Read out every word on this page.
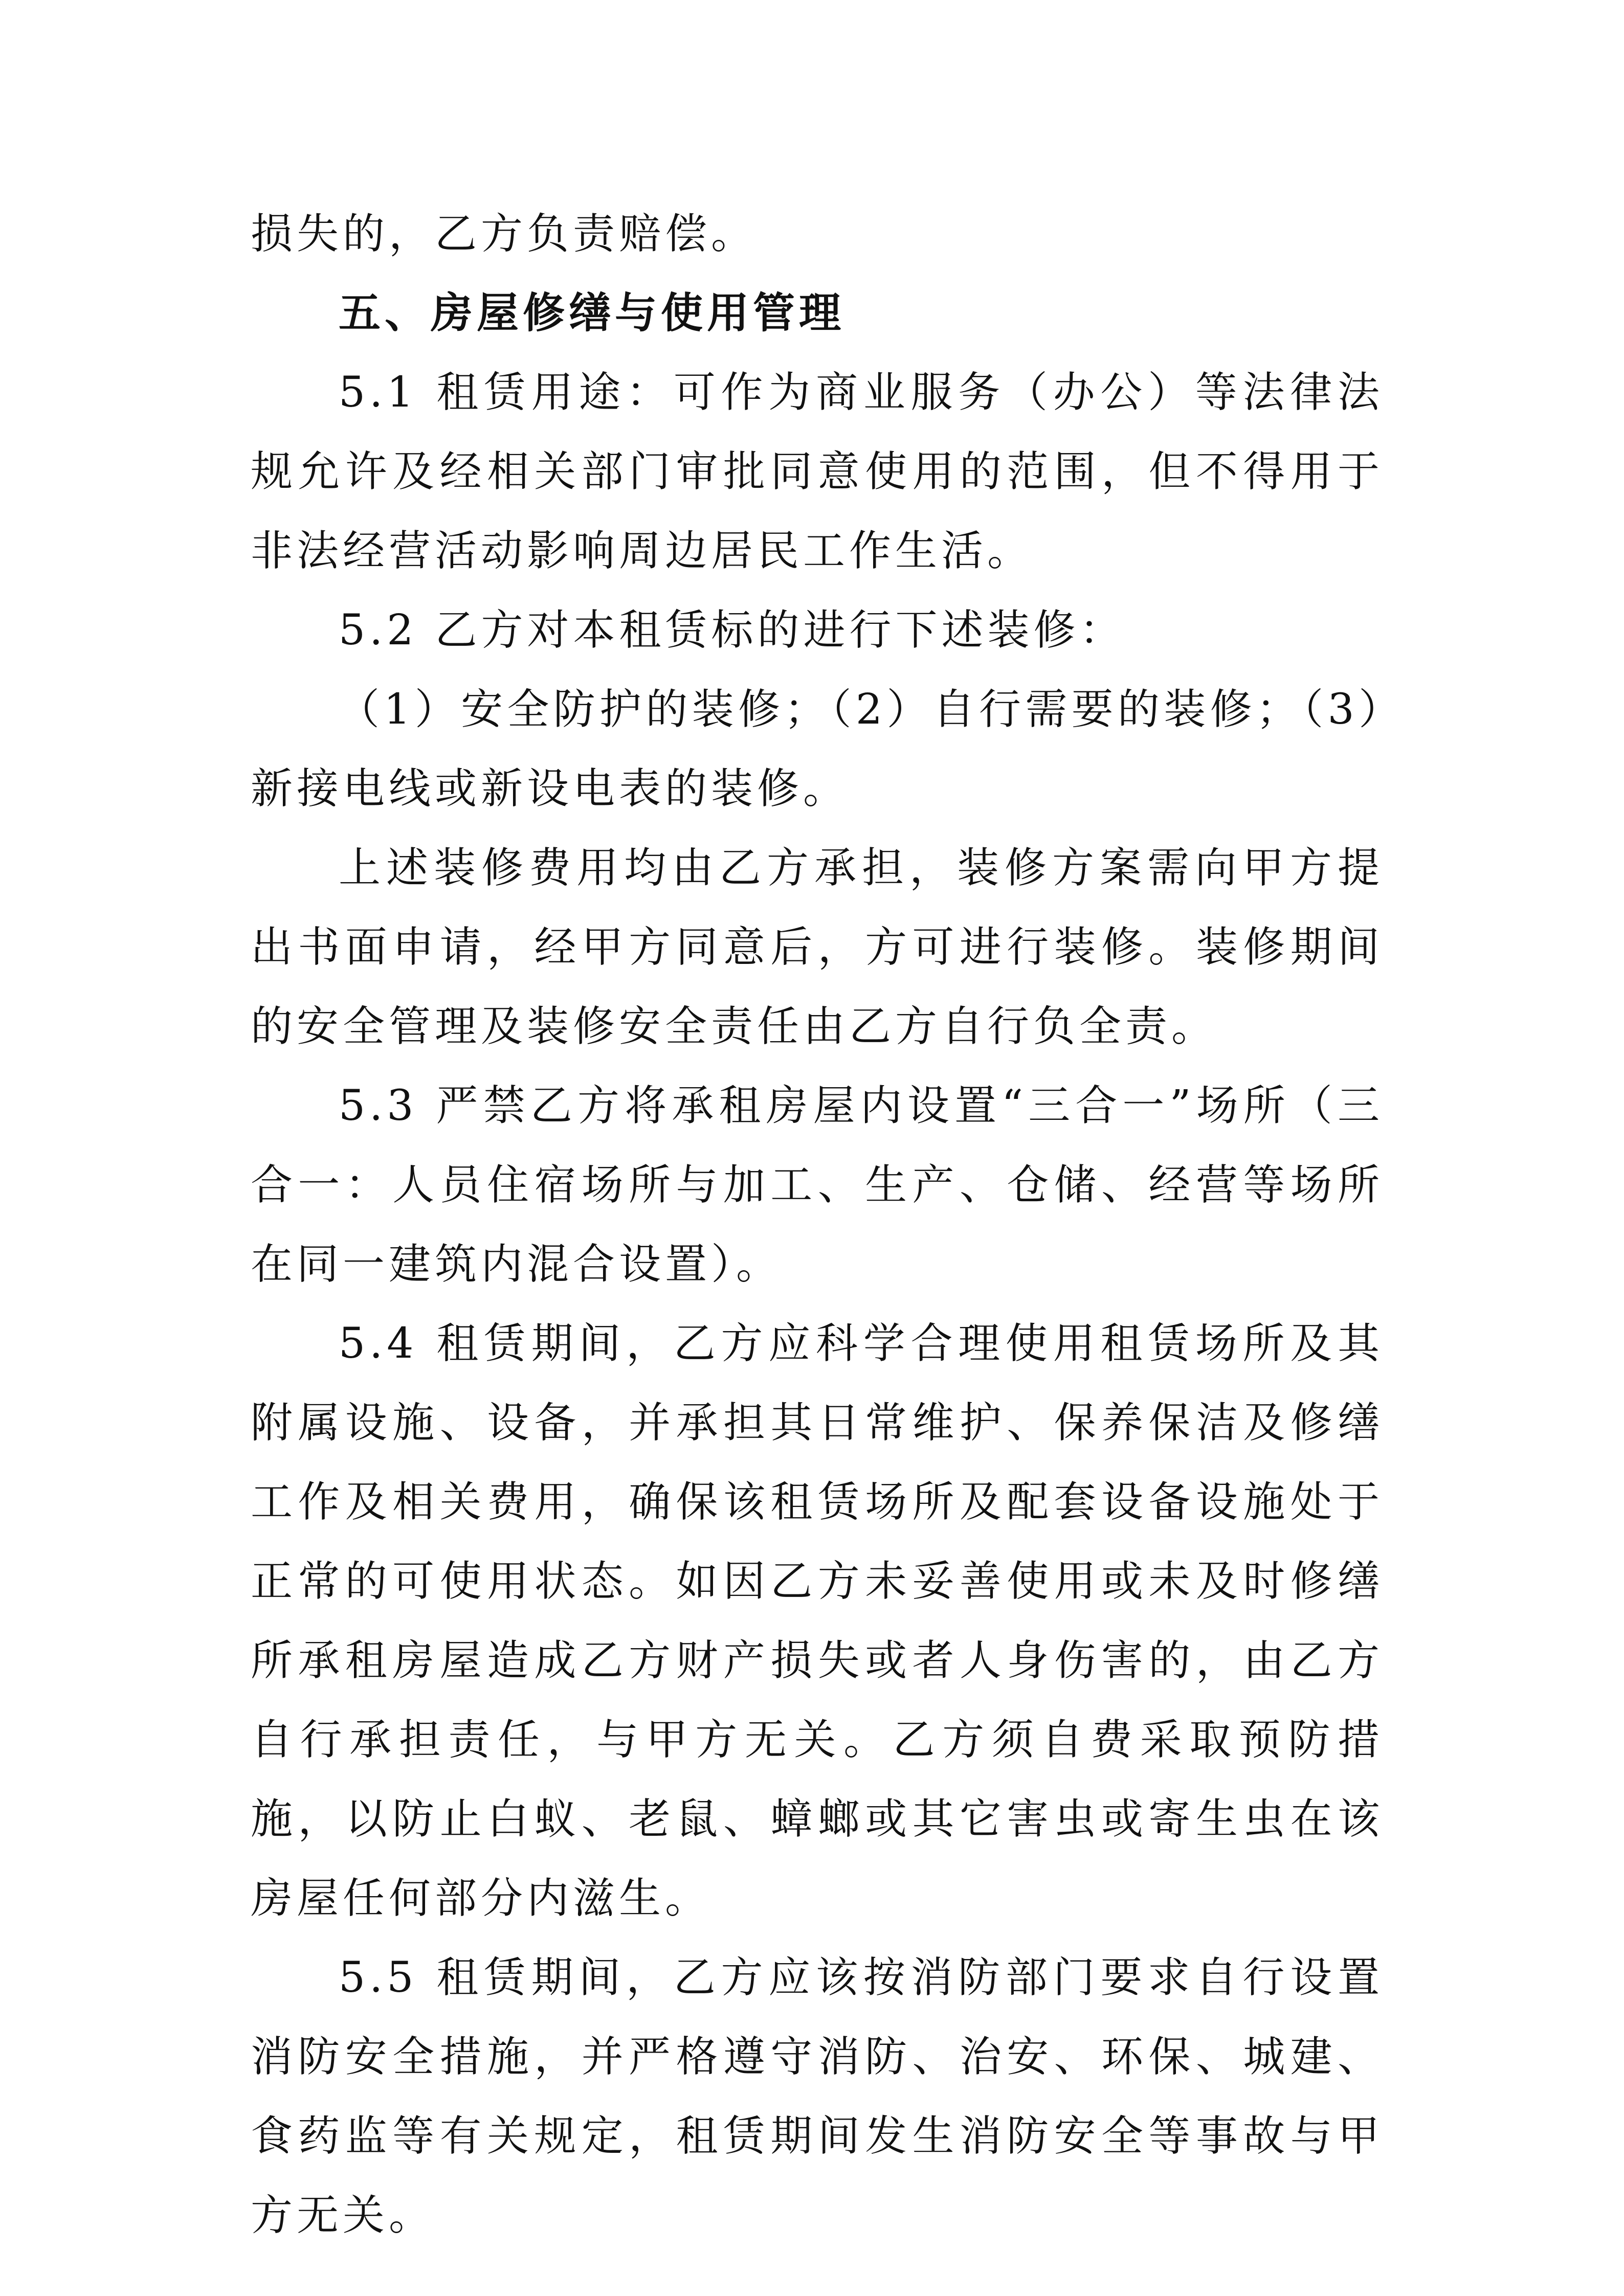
损失的，乙方负责赔偿。

五、房屋修缮与使用管理

5.1 租赁用途：可作为商业服务（办公）等法律法规允许及经相关部门审批同意使用的范围，但不得用于非法经营活动影响周边居民工作生活。

5.2 乙方对本租赁标的进行下述装修：

（1）安全防护的装修；（2）自行需要的装修；（3）新接电线或新设电表的装修。

上述装修费用均由乙方承担，装修方案需向甲方提出书面申请，经甲方同意后，方可进行装修。装修期间的安全管理及装修安全责任由乙方自行负全责。

5.3 严禁乙方将承租房屋内设置“三合一”场所（三合一：人员住宿场所与加工、生产、仓储、经营等场所在同一建筑内混合设置）。

5.4 租赁期间，乙方应科学合理使用租赁场所及其附属设施、设备，并承担其日常维护、保养保洁及修缮工作及相关费用，确保该租赁场所及配套设备设施处于正常的可使用状态。如因乙方未妥善使用或未及时修缮所承租房屋造成乙方财产损失或者人身伤害的，由乙方自行承担责任，与甲方无关。乙方须自费采取预防措施，以防止白蚁、老鼠、蟑螂或其它害虫或寄生虫在该房屋任何部分内滋生。

5.5 租赁期间，乙方应该按消防部门要求自行设置消防安全措施，并严格遵守消防、治安、环保、城建、食药监等有关规定，租赁期间发生消防安全等事故与甲方无关。
